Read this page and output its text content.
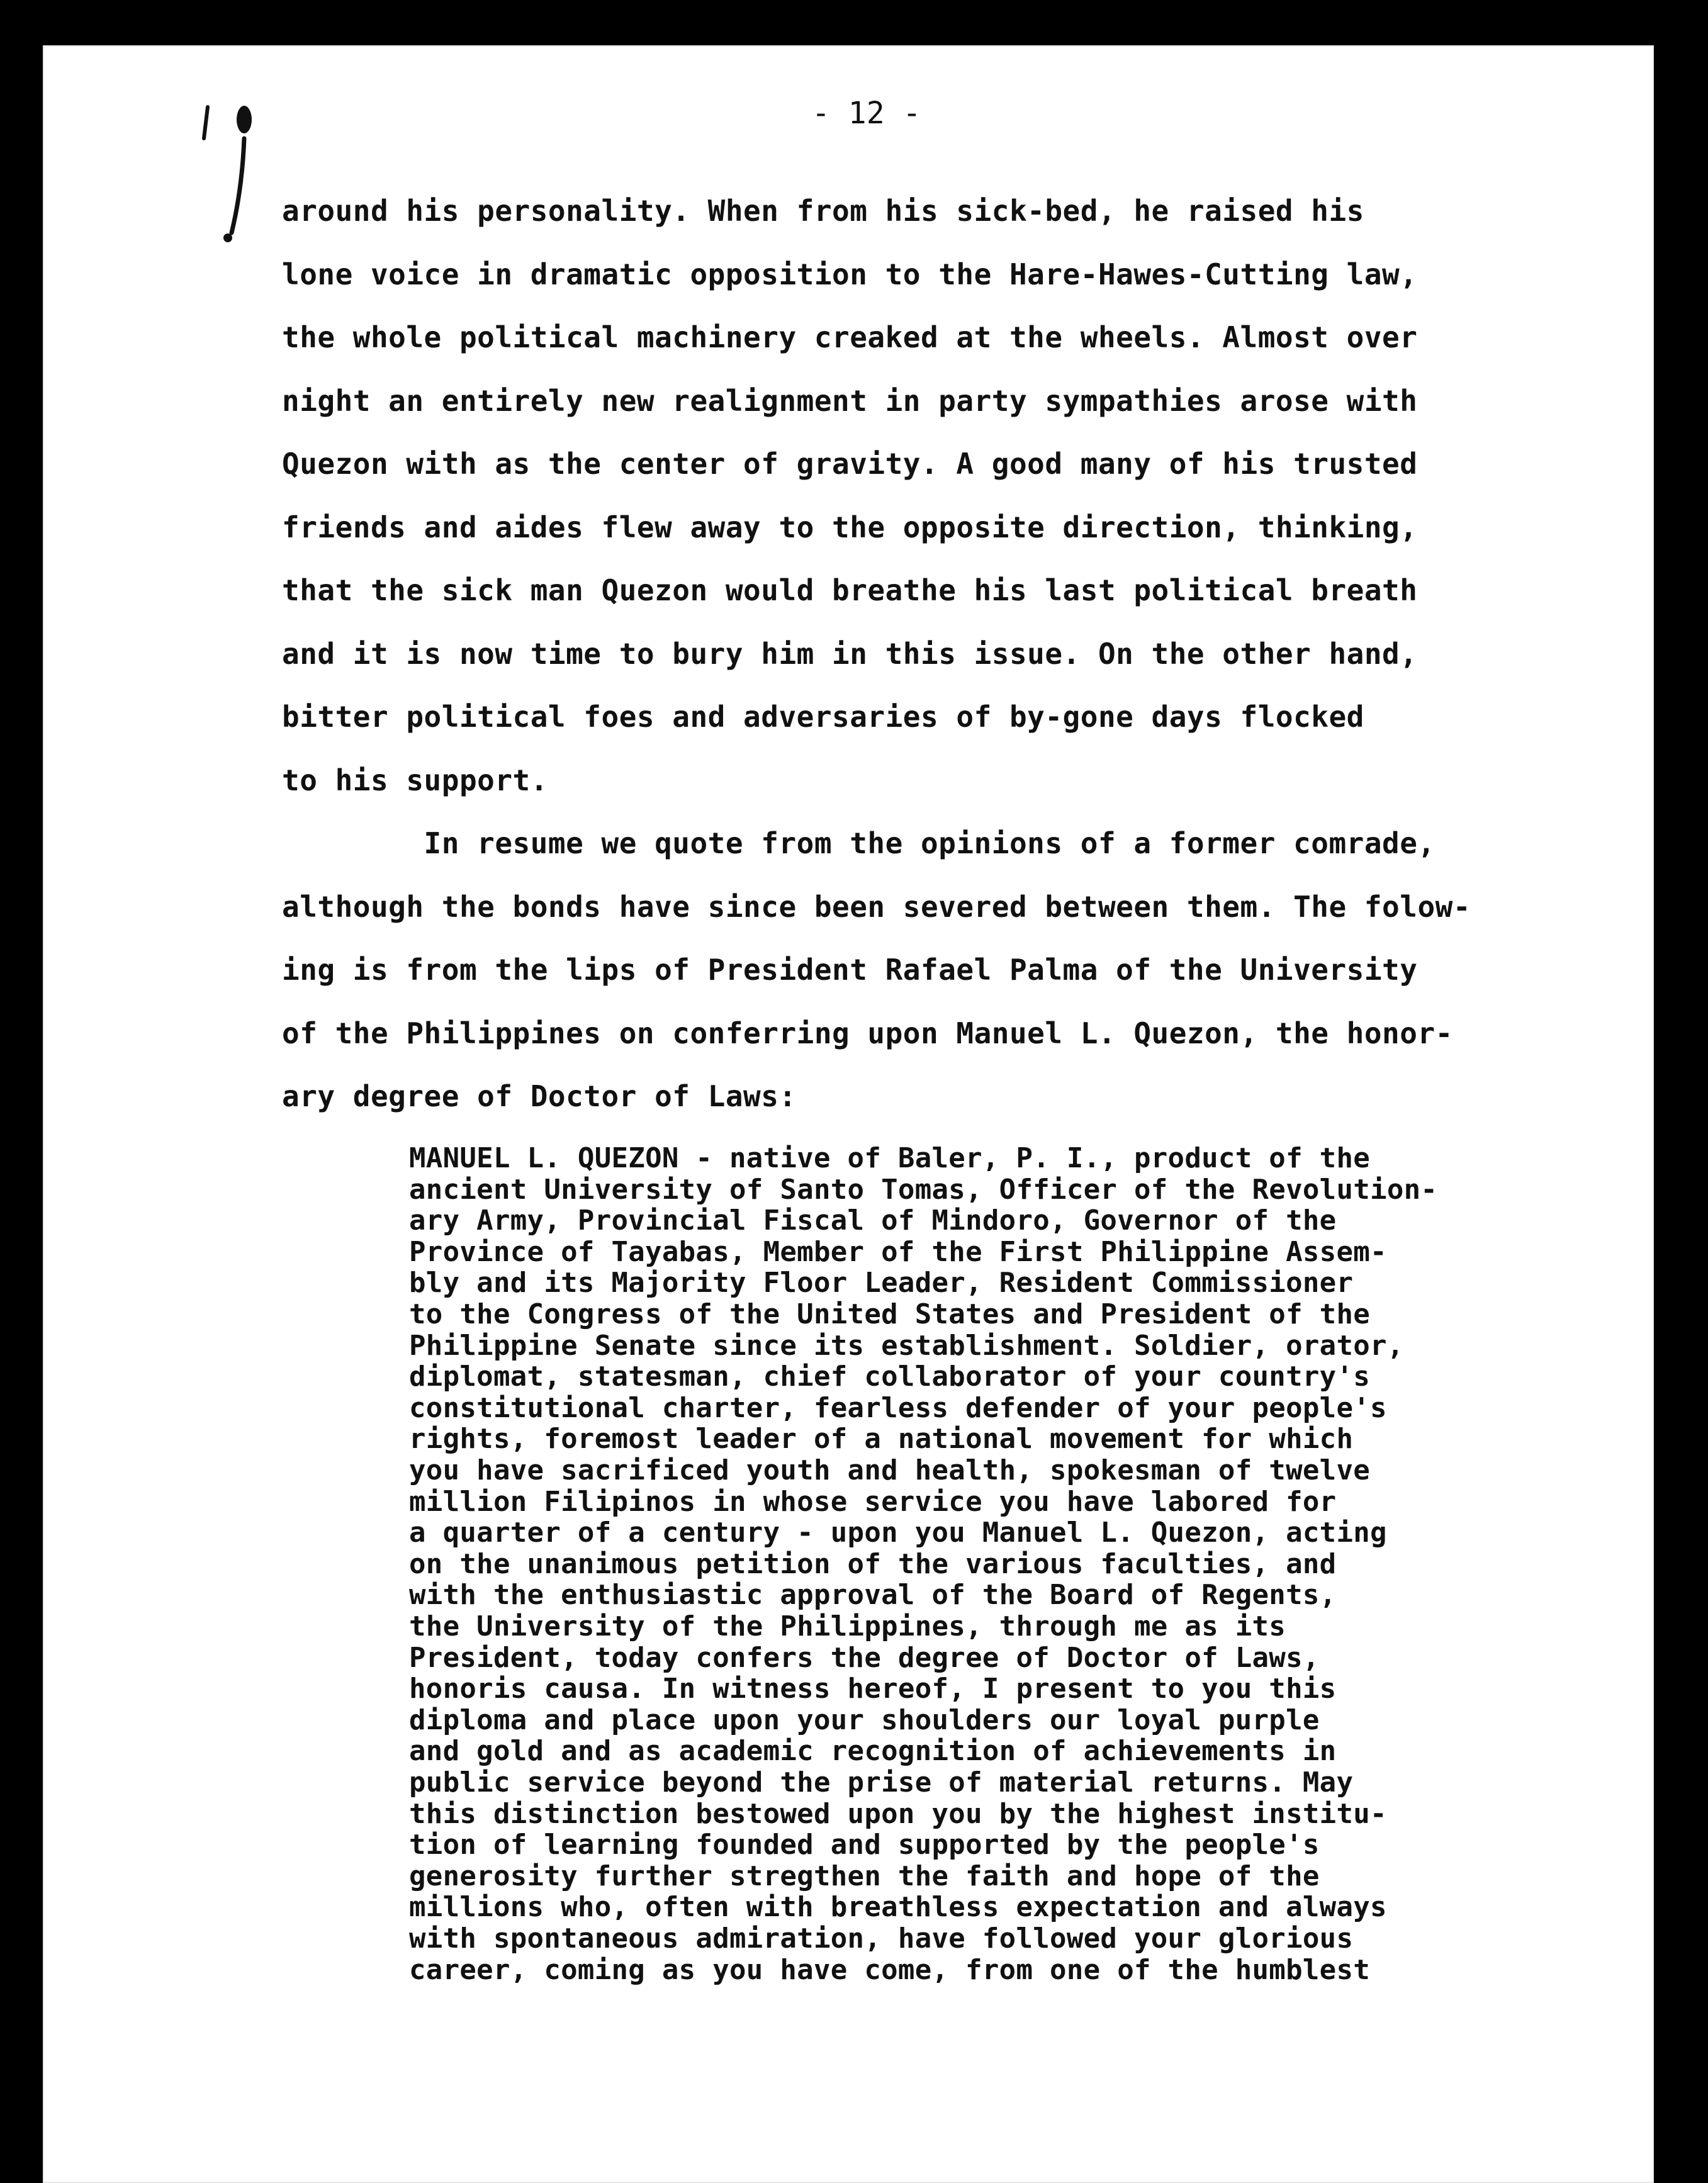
- 12 -
around his personality. When from his sick-bed, he raised his
lone voice in dramatic opposition to the Hare-Hawes-Cutting law,
the whole political machinery creaked at the wheels. Almost over
night an entirely new realignment in party sympathies arose with
Quezon with as the center of gravity. A good many of his trusted
friends and aides flew away to the opposite direction, thinking,
that the sick man Quezon would breathe his last political breath
and it is now time to bury him in this issue. On the other hand,
bitter political foes and adversaries of by-gone days flocked
to his support.
In resume we quote from the opinions of a former comrade,
although the bonds have since been severed between them. The folow-
ing is from the lips of President Rafael Palma of the University
of the Philippines on conferring upon Manuel L. Quezon, the honor-
ary degree of Doctor of Laws:
MANUEL L. QUEZON - native of Baler, P. I., product of the
ancient University of Santo Tomas, Officer of the Revolution-
ary Army, Provincial Fiscal of Mindoro, Governor of the
Province of Tayabas, Member of the First Philippine Assem-
bly and its Majority Floor Leader, Resident Commissioner
to the Congress of the United States and President of the
Philippine Senate since its establishment. Soldier, orator,
diplomat, statesman, chief collaborator of your country's
constitutional charter, fearless defender of your people's
rights, foremost leader of a national movement for which
you have sacrificed youth and health, spokesman of twelve
million Filipinos in whose service you have labored for
a quarter of a century - upon you Manuel L. Quezon, acting
on the unanimous petition of the various faculties, and
with the enthusiastic approval of the Board of Regents,
the University of the Philippines, through me as its
President, today confers the degree of Doctor of Laws,
honoris causa. In witness hereof, I present to you this
diploma and place upon your shoulders our loyal purple
and gold and as academic recognition of achievements in
public service beyond the prise of material returns. May
this distinction bestowed upon you by the highest institu-
tion of learning founded and supported by the people's
generosity further stregthen the faith and hope of the
millions who, often with breathless expectation and always
with spontaneous admiration, have followed your glorious
career, coming as you have come, from one of the humblest
